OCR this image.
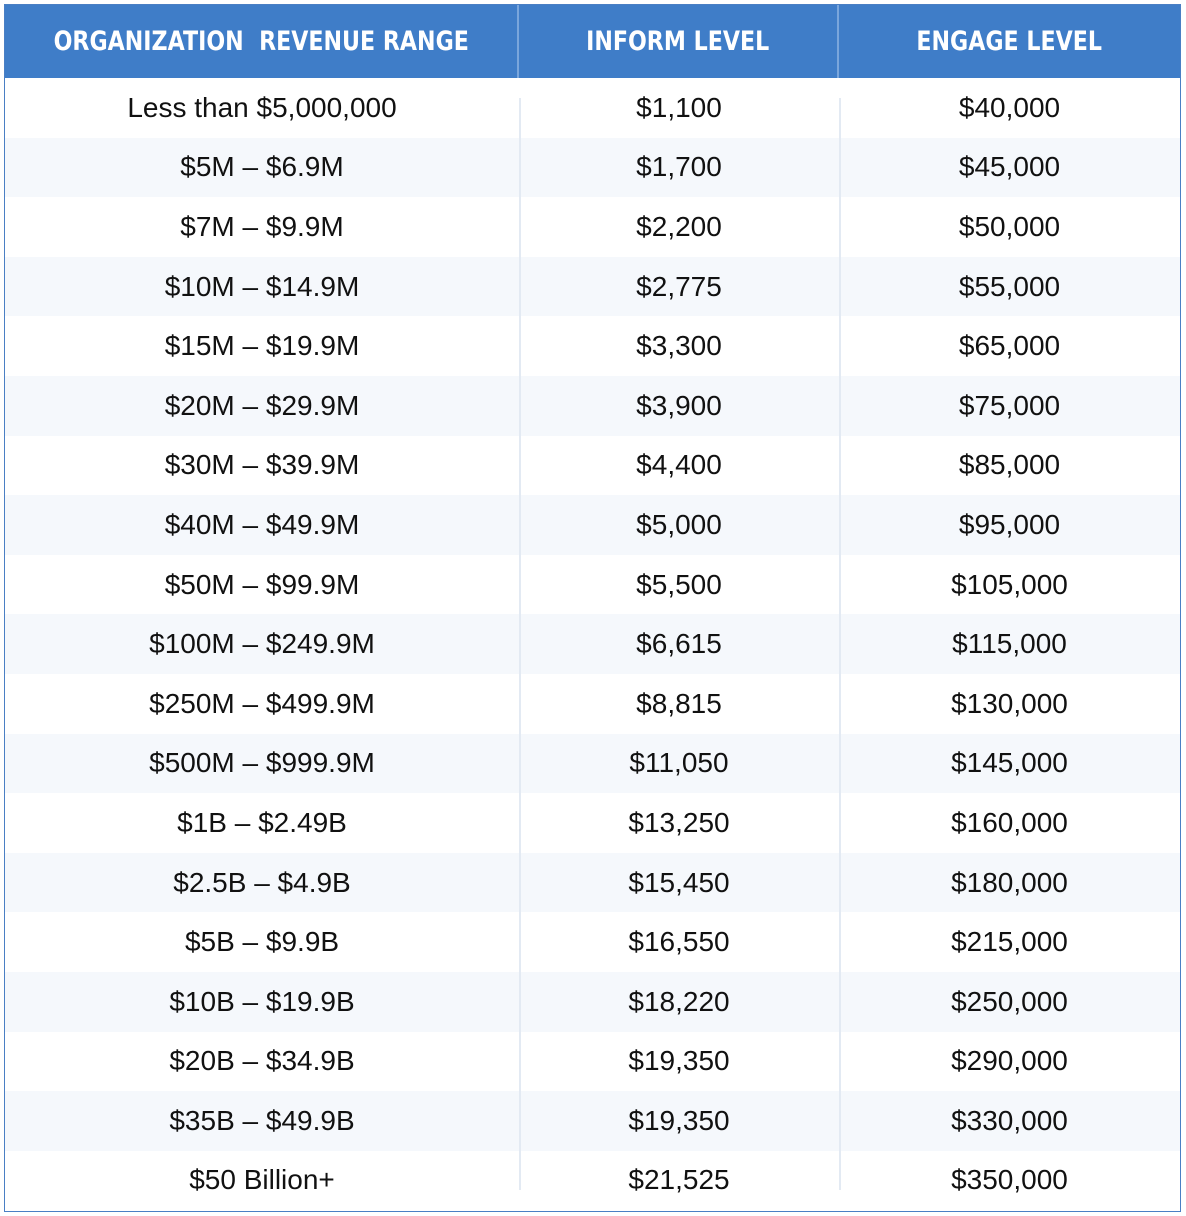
ORGANIZATION  REVENUE RANGE	INFORM LEVEL	ENGAGE LEVEL
Less than $5,000,000	$1,100	$40,000
$5M – $6.9M	$1,700	$45,000
$7M – $9.9M	$2,200	$50,000
$10M – $14.9M	$2,775	$55,000
$15M – $19.9M	$3,300	$65,000
$20M – $29.9M	$3,900	$75,000
$30M – $39.9M	$4,400	$85,000
$40M – $49.9M	$5,000	$95,000
$50M – $99.9M	$5,500	$105,000
$100M – $249.9M	$6,615	$115,000
$250M – $499.9M	$8,815	$130,000
$500M – $999.9M	$11,050	$145,000
$1B – $2.49B	$13,250	$160,000
$2.5B – $4.9B	$15,450	$180,000
$5B – $9.9B	$16,550	$215,000
$10B – $19.9B	$18,220	$250,000
$20B – $34.9B	$19,350	$290,000
$35B – $49.9B	$19,350	$330,000
$50 Billion+	$21,525	$350,000
